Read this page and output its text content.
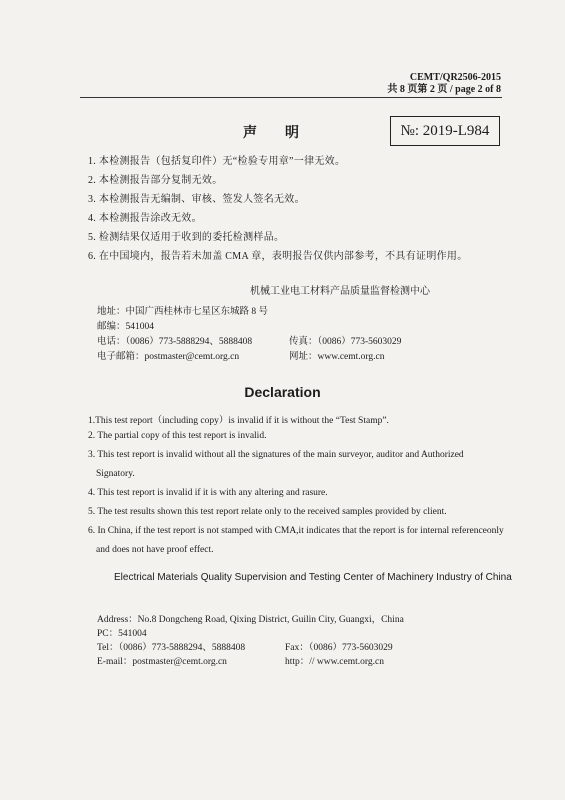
CEMT/QR2506-2015
共 8 页第 2 页 / page 2 of 8
声明	№: 2019-L984
1. 本检测报告（包括复印件）无“检验专用章”一律无效。
2. 本检测报告部分复制无效。
3. 本检测报告无编制、审核、签发人签名无效。
4. 本检测报告涂改无效。
5. 检测结果仅适用于收到的委托检测样品。
6. 在中国境内，报告若未加盖 CMA 章，表明报告仅供内部参考，不具有证明作用。
机械工业电工材料产品质量监督检测中心
地址：中国广西桂林市七星区东城路 8 号
邮编：541004
电话：（0086）773-5888294、5888408	传真：（0086）773-5603029
电子邮箱：postmaster@cemt.org.cn	网址：www.cemt.org.cn
Declaration
1.This test report（including copy）is invalid if it is without the “Test Stamp”.
2. The partial copy of this test report is invalid.
3. This test report is invalid without all the signatures of the main surveyor, auditor and Authorized
Signatory.
4. This test report is invalid if it is with any altering and rasure.
5. The test results shown this test report relate only to the received samples provided by client.
6. In China, if the test report is not stamped with CMA,it indicates that the report is for internal referenceonly
and does not have proof effect.
Electrical Materials Quality Supervision and Testing Center of Machinery Industry of China
Address：No.8 Dongcheng Road, Qixing District, Guilin City, Guangxi，China
PC：541004
Tel：（0086）773-5888294、5888408	Fax：（0086）773-5603029
E-mail：postmaster@cemt.org.cn	http：// www.cemt.org.cn
